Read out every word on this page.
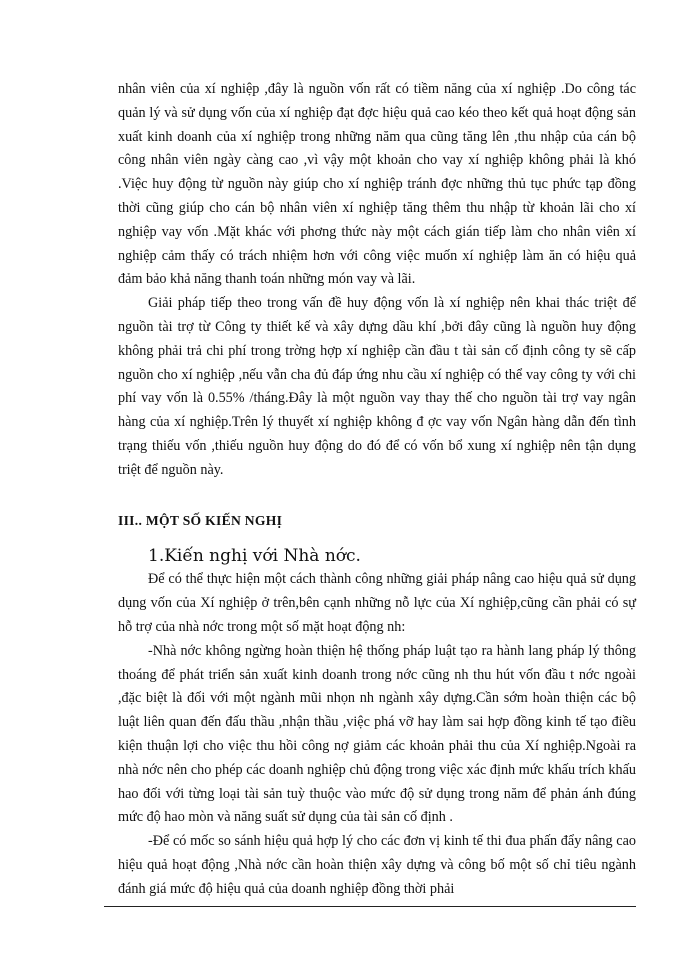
nhân viên của xí nghiệp ,đây là nguồn vốn rất có tiềm năng của xí nghiệp .Do công tác quản lý và sử dụng vốn của xí nghiệp đạt đợc hiệu quả cao kéo theo kết quả hoạt động sản xuất kinh doanh của xí nghiệp trong những năm qua cũng tăng lên ,thu nhập của cán bộ công nhân viên ngày càng cao ,vì vậy một khoản cho vay xí nghiệp không phải là khó .Việc huy động từ nguồn này giúp cho xí nghiệp tránh đợc những thủ tục phức tạp đồng thời cũng giúp cho cán bộ nhân viên xí nghiệp tăng thêm thu nhập từ khoản lãi cho xí nghiệp vay vốn .Mặt khác với phơng thức này một cách gián tiếp làm cho nhân viên xí nghiệp cảm thấy có trách nhiệm hơn với công việc muốn xí nghiệp làm ăn có hiệu quả đảm bảo khả năng thanh toán những món vay và lãi.

Giải pháp tiếp theo trong vấn đề huy động vốn là xí nghiệp nên khai thác triệt để nguồn tài trợ từ Công ty thiết kế và xây dựng dầu khí ,bởi đây cũng là nguồn huy động không phải trả chi phí trong trờng hợp xí nghiệp cần đầu t tài sản cố định công ty sẽ cấp nguồn cho xí nghiệp ,nếu vẫn cha đủ đáp ứng nhu cầu xí nghiệp có thể vay công ty với chi phí vay vốn là 0.55% /tháng.Đây là một nguồn vay thay thế cho nguồn tài trợ vay ngân hàng của xí nghiệp.Trên lý thuyết xí nghiệp không đ ợc vay vốn Ngân hàng dẫn đến tình trạng thiếu vốn ,thiếu nguồn huy động do đó để có vốn bổ xung xí nghiệp nên tận dụng triệt để nguồn này.

III.. MỘT SỐ KIẾN NGHỊ

1.Kiến nghị với Nhà nớc.

Để có thể thực hiện một cách thành công những giải pháp nâng cao hiệu quả sử dụng dụng vốn của Xí nghiệp ở trên,bên cạnh những nỗ lực của Xí nghiệp,cũng cần phải có sự hỗ trợ của nhà nớc trong một số mặt hoạt động nh:

-Nhà nớc không ngừng hoàn thiện hệ thống pháp luật tạo ra hành lang pháp lý thông thoáng để phát triển sản xuất kinh doanh trong nớc cũng nh thu hút vốn đầu t nớc ngoài ,đặc biệt là đối với một ngành mũi nhọn nh ngành xây dựng.Cần sớm hoàn thiện các bộ luật liên quan đến đấu thầu ,nhận thầu ,việc phá vỡ hay làm sai hợp đồng kinh tế tạo điều kiện thuận lợi cho việc thu hồi công nợ giảm các khoản phải thu của Xí nghiệp.Ngoài ra nhà nớc nên cho phép các doanh nghiệp chủ động trong việc xác định mức khấu trích khấu hao đối với từng loại tài sản tuỳ thuộc vào mức độ sử dụng trong năm để phản ánh đúng mức độ hao mòn và năng suất sử dụng của tài sản cố định .

-Để có mốc so sánh hiệu quả hợp lý cho các đơn vị kinh tế thi đua phấn đẩy nâng cao hiệu quả hoạt động ,Nhà nớc cần hoàn thiện xây dựng và công bố một số chỉ tiêu ngành đánh giá mức độ hiệu quả của doanh nghiệp đồng thời phải
